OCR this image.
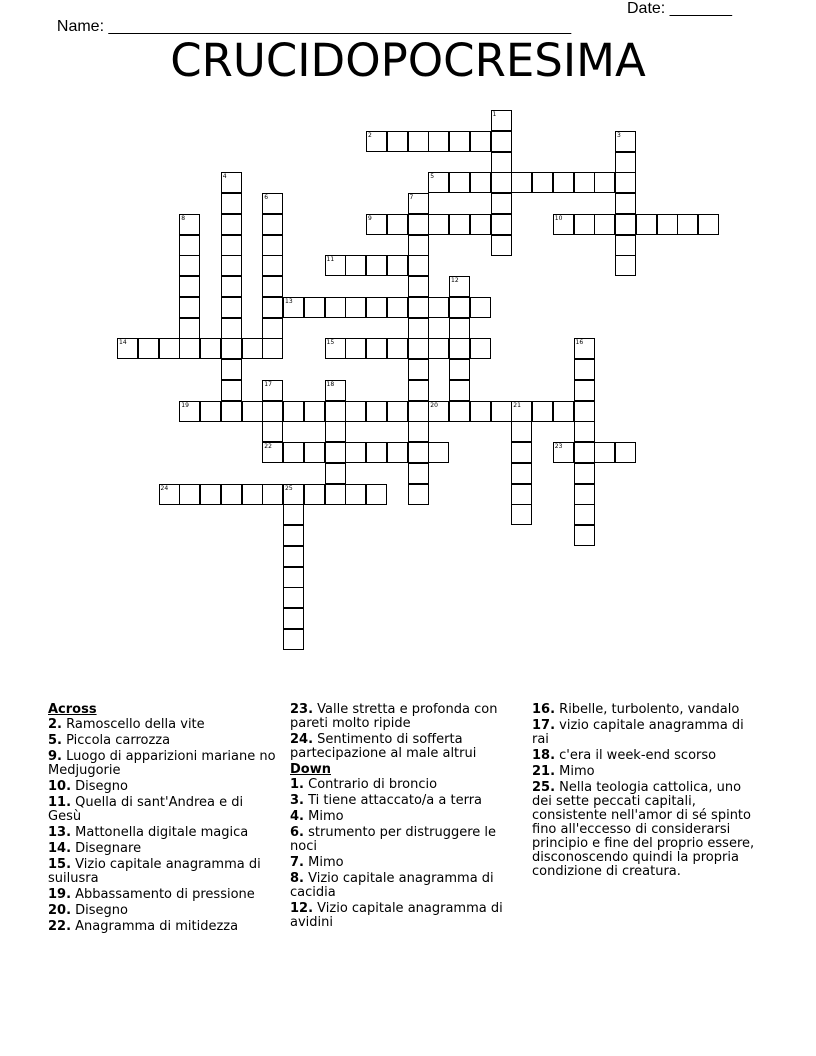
Name: ____________________________________________________

Date: _______

CRUCIDOPOCRESIMA
1
2	3
4	5
6	7
8	9	10
11
12
13
14	15	16
17	18
19	20	21
22	23
24	25
Across
2. Ramoscello della vite
5. Piccola carrozza
9. Luogo di apparizioni mariane no Medjugorie
10. Disegno
11. Quella di sant'Andrea e di Gesù
13. Mattonella digitale magica
14. Disegnare
15. Vizio capitale anagramma di suilusra
19. Abbassamento di pressione
20. Disegno
22. Anagramma di mitidezza
23. Valle stretta e profonda con pareti molto ripide
24. Sentimento di sofferta partecipazione al male altrui
Down
1. Contrario di broncio
3. Ti tiene attaccato/a a terra
4. Mimo
6. strumento per distruggere le noci
7. Mimo
8. Vizio capitale anagramma di cacidia
12. Vizio capitale anagramma di avidini
16. Ribelle, turbolento, vandalo
17. vizio capitale anagramma di rai
18. c'era il week-end scorso
21. Mimo
25. Nella teologia cattolica, uno dei sette peccati capitali, consistente nell'amor di sé spinto fino all'eccesso di considerarsi principio e fine del proprio essere, disconoscendo quindi la propria condizione di creatura.
